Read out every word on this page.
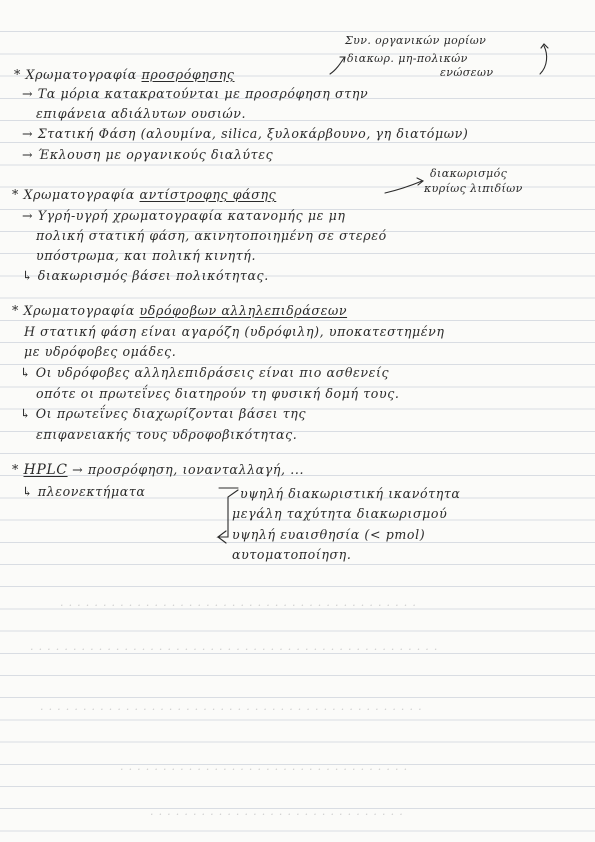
. . . . . . . . . . . . . . . . . . . . . . . . . . . . . . . . . . . . . . . . . .
. . . . . . . . . . . . . . . . . . . . . . . . . . . . . . . . . . . . . . . . . . . . . . . .
. . . . . . . . . . . . . . . . . . . . . . . . . . . . . . . . . . . . . . . . . . . . .
. . . . . . . . . . . . . . . . . . . . . . . . . . . . . . . . . .
. . . . . . . . . . . . . . . . . . . . . . . . . . . . . .
Συν. οργανικών μορίων
διακωρ. μη-πολικών
ενώσεων
* Χρωματογραφία προσρόφησης
→ Τα μόρια κατακρατούνται με προσρόφηση στην
επιφάνεια αδιάλυτων ουσιών.
→ Στατική Φάση (αλουμίνα, silica, ξυλοκάρβουνο, γη διατόμων)
→ Έκλουση με οργανικούς διαλύτες
διακωρισμός
κυρίως λιπιδίων
* Χρωματογραφία αντίστροφης φάσης
→ Υγρή-υγρή χρωματογραφία κατανομής με μη
πολική στατική φάση, ακινητοποιημένη σε στερεό
υπόστρωμα, και πολική κινητή.
↳ διακωρισμός βάσει πολικότητας.
* Χρωματογραφία υδρόφοβων αλληλεπιδράσεων
Η στατική φάση είναι αγαρόζη (υδρόφιλη), υποκατεστημένη
με υδρόφοβες ομάδες.
↳ Οι υδρόφοβες αλληλεπιδράσεις είναι πιο ασθενείς
οπότε οι πρωτεΐνες διατηρούν τη φυσική δομή τους.
↳ Οι πρωτεΐνες διαχωρίζονται βάσει της
επιφανειακής τους υδροφοβικότητας.
* HPLC → προσρόφηση, ιονανταλλαγή, ...
↳ πλεονεκτήματα	υψηλή διακωριστική ικανότητα
μεγάλη ταχύτητα διακωρισμού
υψηλή ευαισθησία (< pmol)
αυτοματοποίηση.
